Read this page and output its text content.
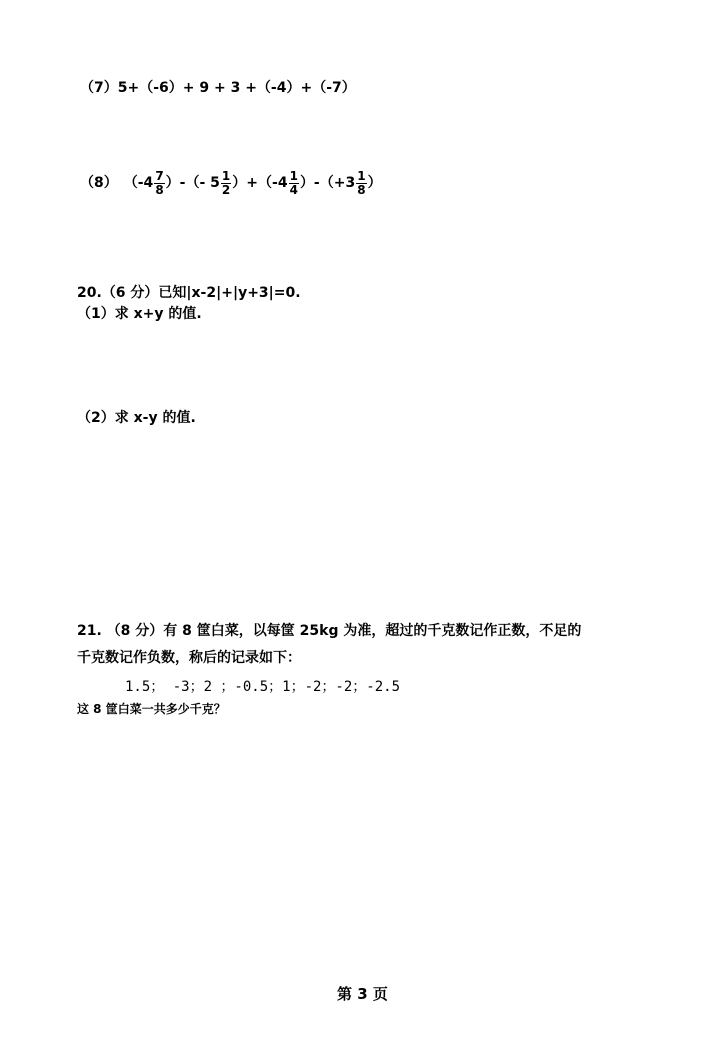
（7）5+（-6）+ 9 + 3 +（-4）+（-7）
（8） （$-4 \frac{7}{8}$ ）-（- $5 \frac{1}{2} )+(-4 \frac{1}{4} )-(+3 \frac{1}{8}$ ）
20.（6 分）已知|x-2|+|y+3|=0.
（1）求 x+y 的值.
（2）求 x-y 的值.
21. （8 分）有 8 筐白菜，以每筐 25kg 为准，超过的千克数记作正数，不足的
千克数记作负数，称后的记录如下：
1.5； -3；2 ；-0.5；1；-2；-2；-2.5
这 8 筐白菜一共多少千克？
第 3 页
